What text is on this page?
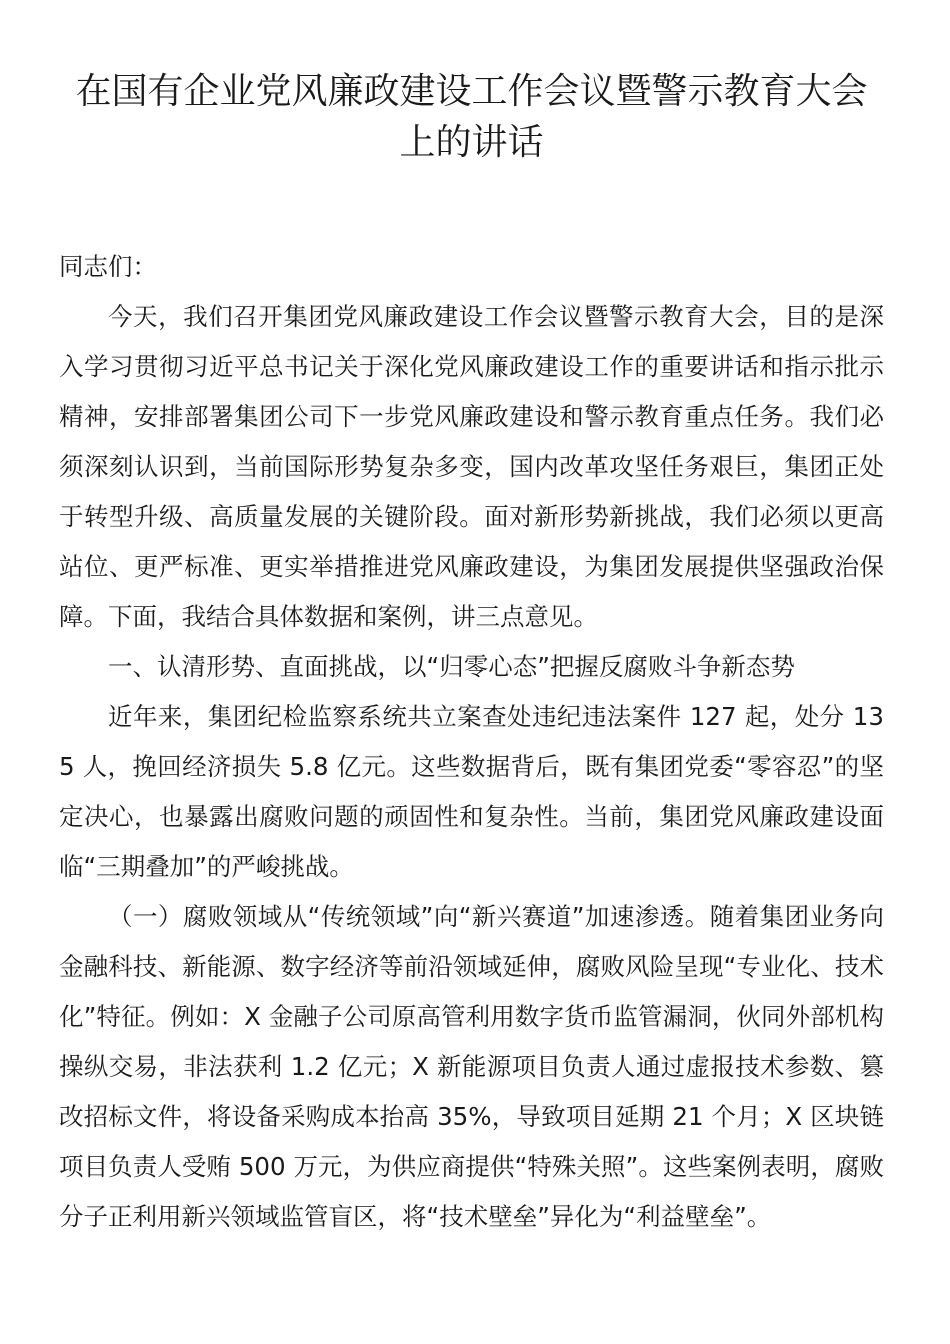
在国有企业党风廉政建设工作会议暨警示教育大会上的讲话

同志们：

今天，我们召开集团党风廉政建设工作会议暨警示教育大会，目的是深入学习贯彻习近平总书记关于深化党风廉政建设工作的重要讲话和指示批示精神，安排部署集团公司下一步党风廉政建设和警示教育重点任务。我们必须深刻认识到，当前国际形势复杂多变，国内改革攻坚任务艰巨，集团正处于转型升级、高质量发展的关键阶段。面对新形势新挑战，我们必须以更高站位、更严标准、更实举措推进党风廉政建设，为集团发展提供坚强政治保障。下面，我结合具体数据和案例，讲三点意见。

一、认清形势、直面挑战，以“归零心态”把握反腐败斗争新态势

近年来，集团纪检监察系统共立案查处违纪违法案件 127 起，处分 135 人，挽回经济损失 5.8 亿元。这些数据背后，既有集团党委“零容忍”的坚定决心，也暴露出腐败问题的顽固性和复杂性。当前，集团党风廉政建设面临“三期叠加”的严峻挑战。

（一）腐败领域从“传统领域”向“新兴赛道”加速渗透。随着集团业务向金融科技、新能源、数字经济等前沿领域延伸，腐败风险呈现“专业化、技术化”特征。例如：X 金融子公司原高管利用数字货币监管漏洞，伙同外部机构操纵交易，非法获利 1.2 亿元；X 新能源项目负责人通过虚报技术参数、篡改招标文件，将设备采购成本抬高 35%，导致项目延期 21 个月；X 区块链项目负责人受贿 500 万元，为供应商提供“特殊关照”。这些案例表明，腐败分子正利用新兴领域监管盲区，将“技术壁垒”异化为“利益壁垒”。
